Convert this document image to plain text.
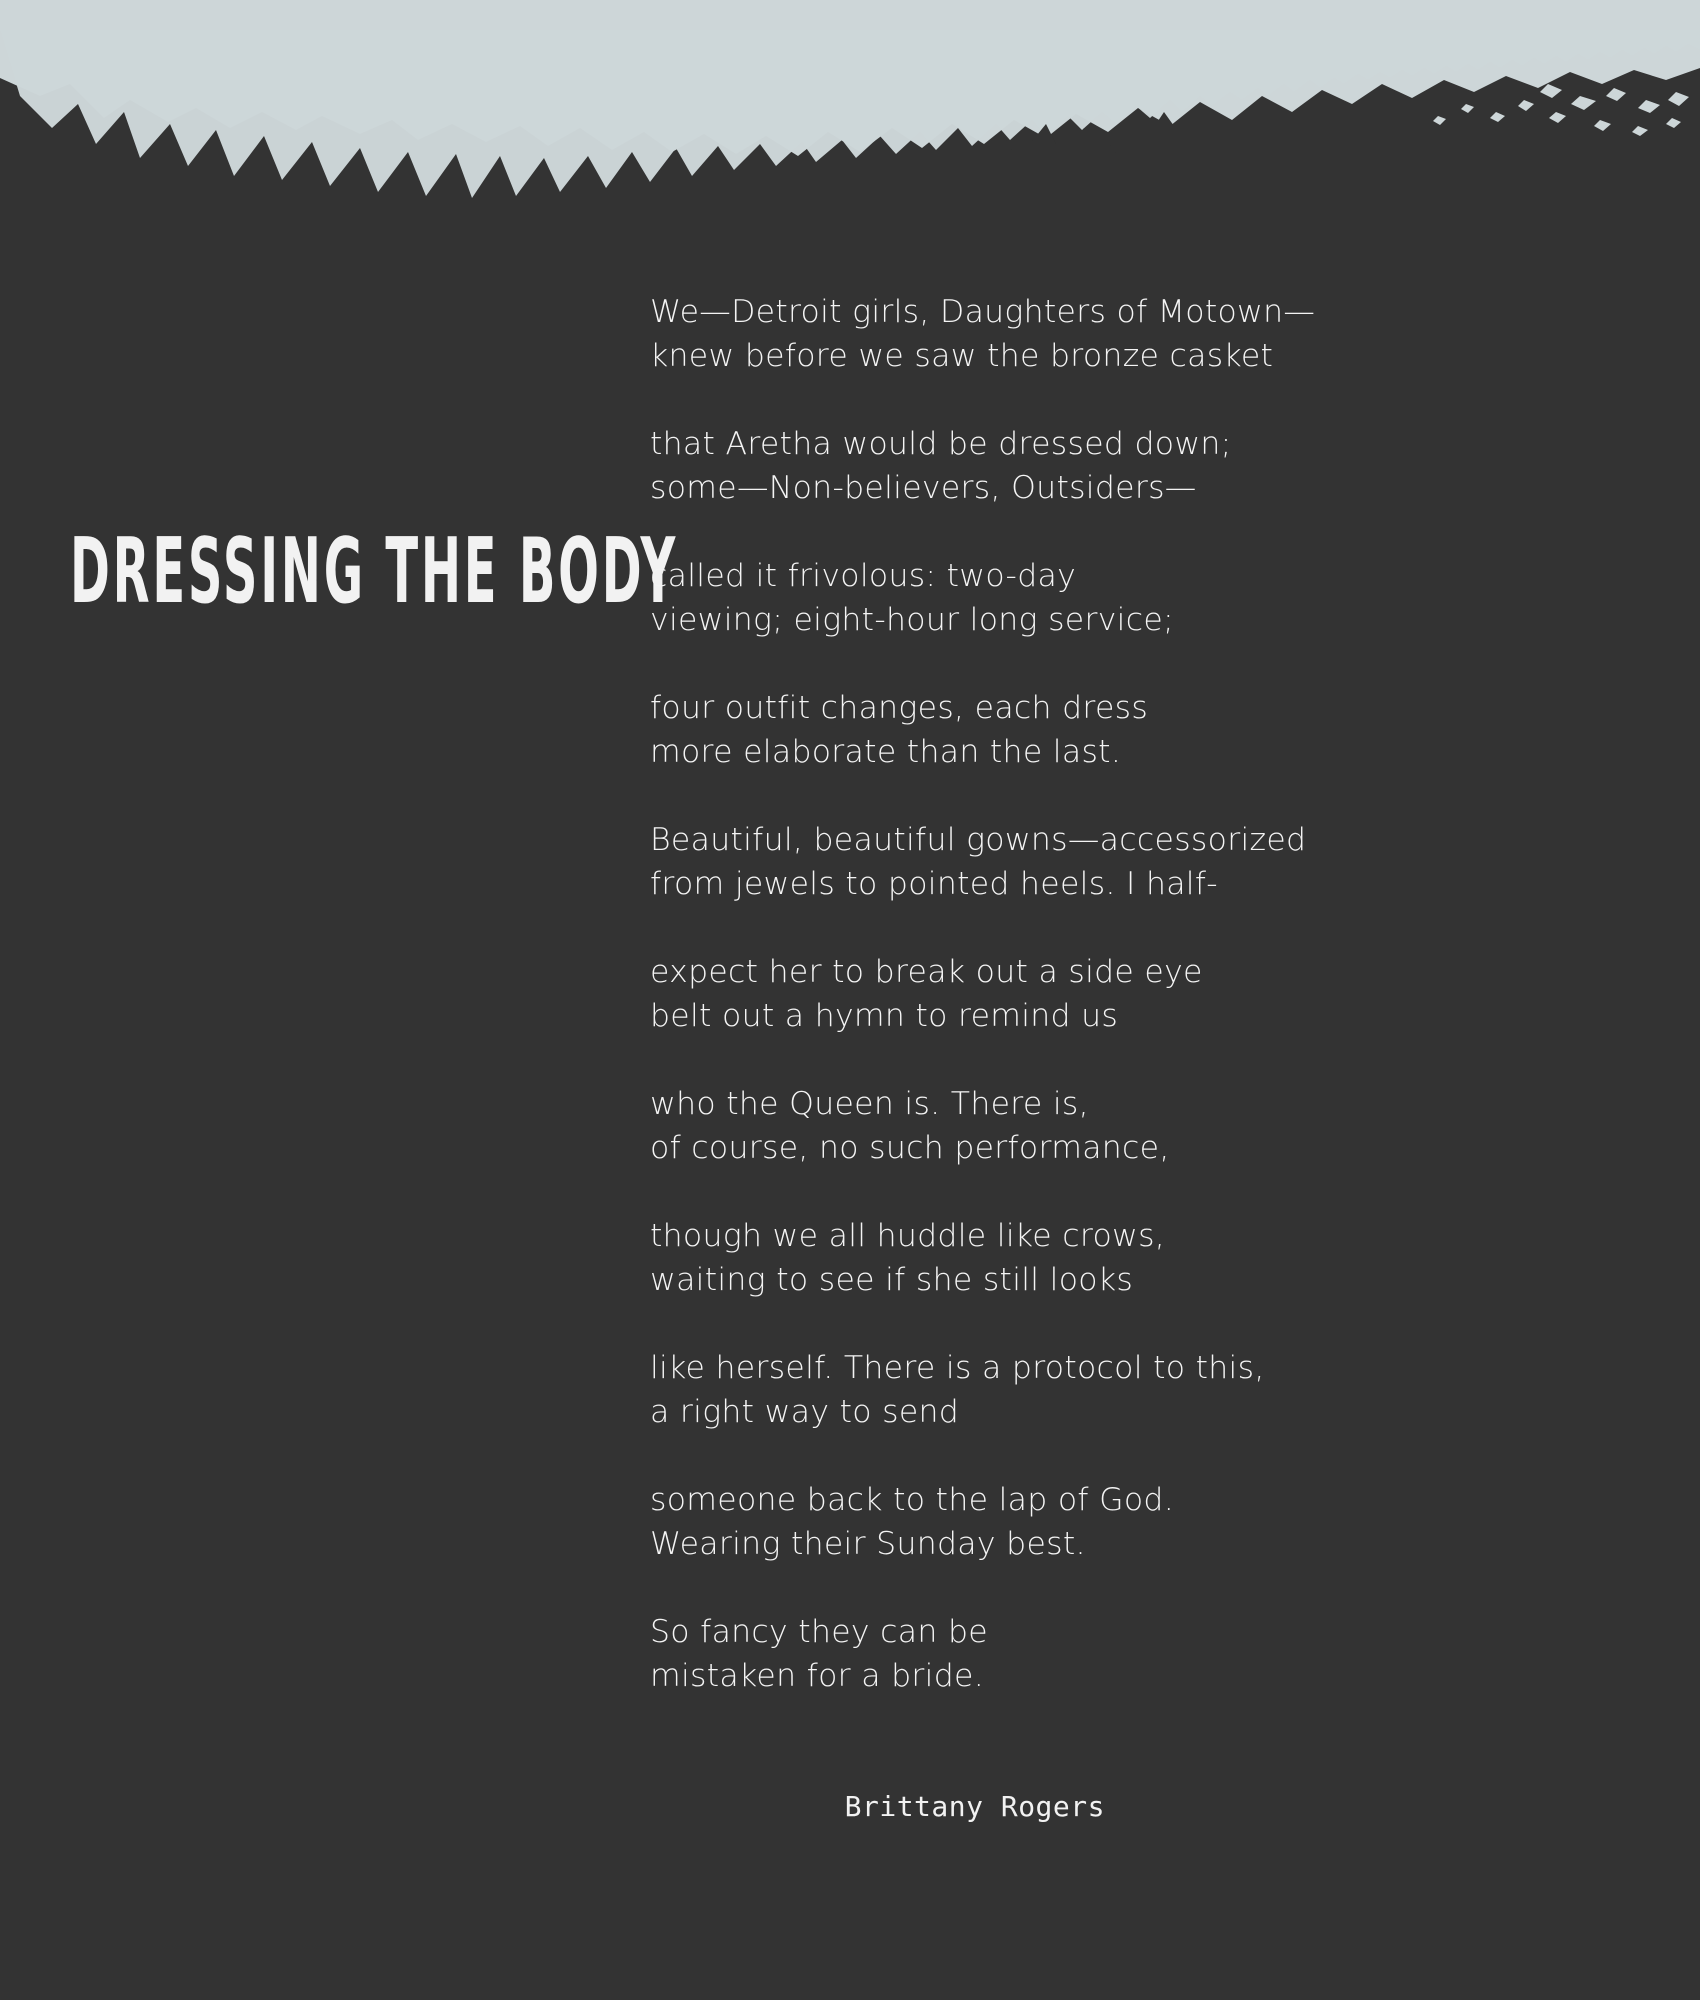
DRESSING THE BODY

We—Detroit girls, Daughters of Motown—
knew before we saw the bronze casket

that Aretha would be dressed down;
some—Non-believers, Outsiders—

called it frivolous: two-day
viewing; eight-hour long service;

four outfit changes, each dress
more elaborate than the last.

Beautiful, beautiful gowns—accessorized
from jewels to pointed heels. I half-

expect her to break out a side eye
belt out a hymn to remind us

who the Queen is. There is,
of course, no such performance,

though we all huddle like crows,
waiting to see if she still looks

like herself. There is a protocol to this,
a right way to send

someone back to the lap of God.
Wearing their Sunday best.

So fancy they can be
mistaken for a bride.

Brittany Rogers
